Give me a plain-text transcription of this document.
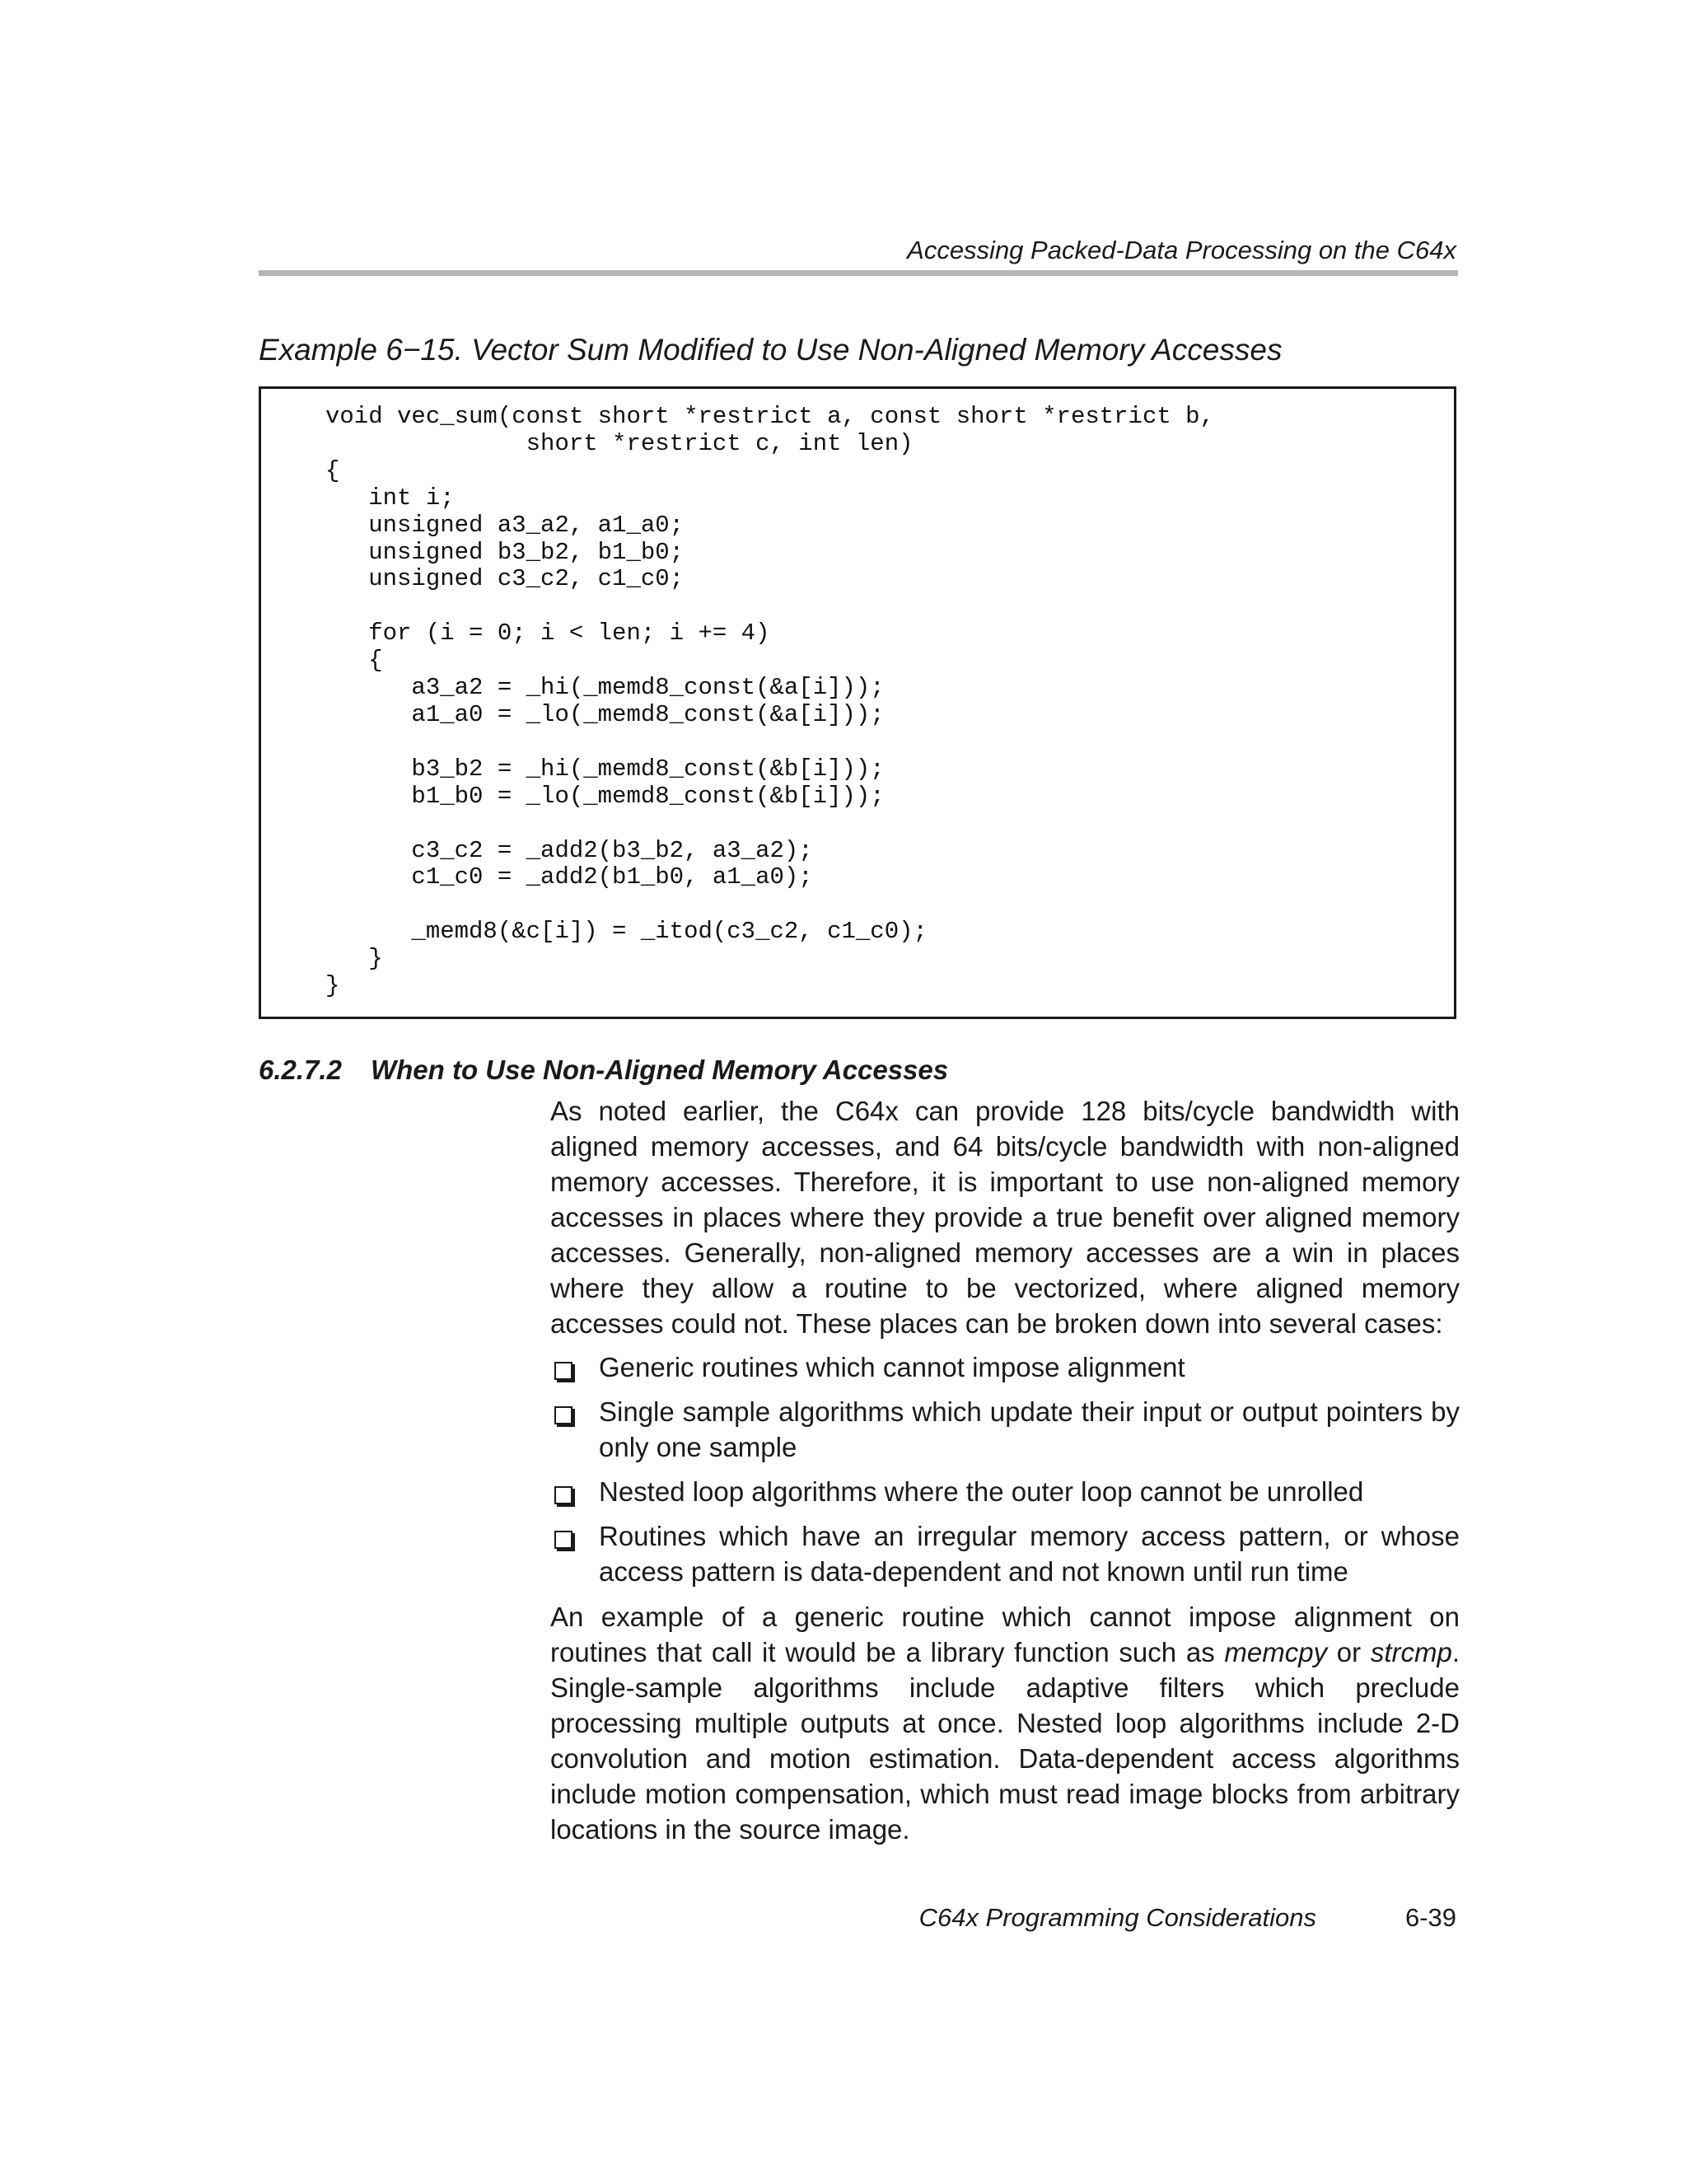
Accessing Packed-Data Processing on the C64x
Example 6−15. Vector Sum Modified to Use Non-Aligned Memory Accesses
void vec_sum(const short *restrict a, const short *restrict b,
short *restrict c, int len)
{
int i;
unsigned a3_a2, a1_a0;
unsigned b3_b2, b1_b0;
unsigned c3_c2, c1_c0;

for (i = 0; i < len; i += 4)
{
a3_a2 = _hi(_memd8_const(&a[i]));
a1_a0 = _lo(_memd8_const(&a[i]));

b3_b2 = _hi(_memd8_const(&b[i]));
b1_b0 = _lo(_memd8_const(&b[i]));

c3_c2 = _add2(b3_b2, a3_a2);
c1_c0 = _add2(b1_b0, a1_a0);

_memd8(&c[i]) = _itod(c3_c2, c1_c0);
}
}
6.2.7.2 When to Use Non-Aligned Memory Accesses

As noted earlier, the C64x can provide 128 bits/cycle bandwidth with aligned memory accesses, and 64 bits/cycle bandwidth with non-aligned memory accesses. Therefore, it is important to use non-aligned memory accesses in places where they provide a true benefit over aligned memory accesses. Generally, non-aligned memory accesses are a win in places where they allow a routine to be vectorized, where aligned memory accesses could not. These places can be broken down into several cases:

Generic routines which cannot impose alignment
Single sample algorithms which update their input or output pointers by only one sample
Nested loop algorithms where the outer loop cannot be unrolled
Routines which have an irregular memory access pattern, or whose access pattern is data-dependent and not known until run time

An example of a generic routine which cannot impose alignment on routines that call it would be a library function such as memcpy or strcmp. Single-sample algorithms include adaptive filters which preclude processing multiple outputs at once. Nested loop algorithms include 2-D convolution and motion estimation. Data-dependent access algorithms include motion compensation, which must read image blocks from arbitrary locations in the source image.

C64x Programming Considerations	6-39
